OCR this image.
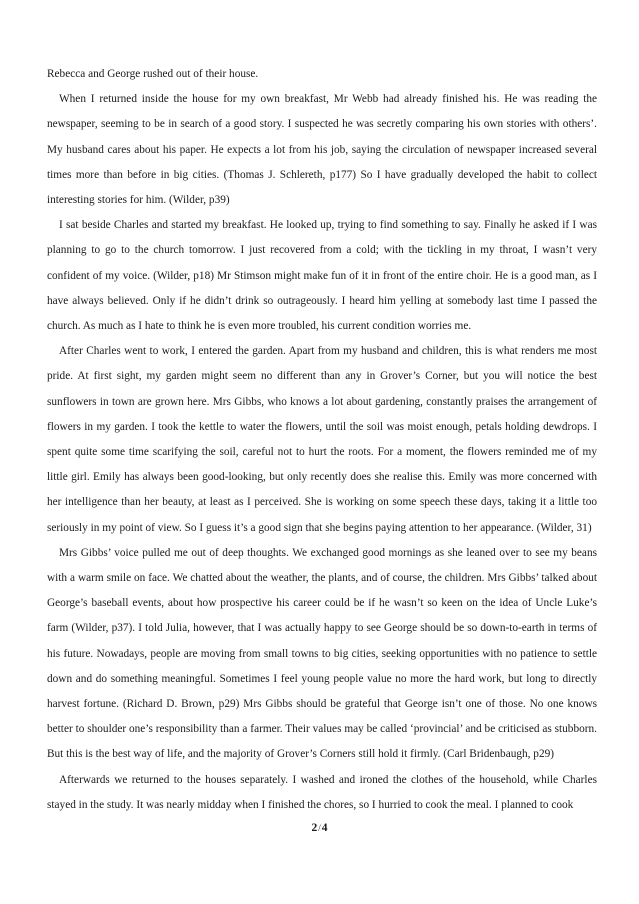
Rebecca and George rushed out of their house.

When I returned inside the house for my own breakfast, Mr Webb had already finished his. He was reading the newspaper, seeming to be in search of a good story. I suspected he was secretly comparing his own stories with others’. My husband cares about his paper. He expects a lot from his job, saying the circulation of newspaper increased several times more than before in big cities. (Thomas J. Schlereth, p177) So I have gradually developed the habit to collect interesting stories for him. (Wilder, p39)

I sat beside Charles and started my breakfast. He looked up, trying to find something to say. Finally he asked if I was planning to go to the church tomorrow. I just recovered from a cold; with the tickling in my throat, I wasn’t very confident of my voice. (Wilder, p18) Mr Stimson might make fun of it in front of the entire choir. He is a good man, as I have always believed. Only if he didn’t drink so outrageously. I heard him yelling at somebody last time I passed the church. As much as I hate to think he is even more troubled, his current condition worries me.

After Charles went to work, I entered the garden. Apart from my husband and children, this is what renders me most pride. At first sight, my garden might seem no different than any in Grover’s Corner, but you will notice the best sunflowers in town are grown here. Mrs Gibbs, who knows a lot about gardening, constantly praises the arrangement of flowers in my garden. I took the kettle to water the flowers, until the soil was moist enough, petals holding dewdrops. I spent quite some time scarifying the soil, careful not to hurt the roots. For a moment, the flowers reminded me of my little girl. Emily has always been good-looking, but only recently does she realise this. Emily was more concerned with her intelligence than her beauty, at least as I perceived. She is working on some speech these days, taking it a little too seriously in my point of view. So I guess it’s a good sign that she begins paying attention to her appearance. (Wilder, 31)

Mrs Gibbs’ voice pulled me out of deep thoughts. We exchanged good mornings as she leaned over to see my beans with a warm smile on face. We chatted about the weather, the plants, and of course, the children. Mrs Gibbs’ talked about George’s baseball events, about how prospective his career could be if he wasn’t so keen on the idea of Uncle Luke’s farm (Wilder, p37). I told Julia, however, that I was actually happy to see George should be so down-to-earth in terms of his future. Nowadays, people are moving from small towns to big cities, seeking opportunities with no patience to settle down and do something meaningful. Sometimes I feel young people value no more the hard work, but long to directly harvest fortune. (Richard D. Brown, p29) Mrs Gibbs should be grateful that George isn’t one of those. No one knows better to shoulder one’s responsibility than a farmer. Their values may be called ‘provincial’ and be criticised as stubborn. But this is the best way of life, and the majority of Grover’s Corners still hold it firmly. (Carl Bridenbaugh, p29)

Afterwards we returned to the houses separately. I washed and ironed the clothes of the household, while Charles stayed in the study. It was nearly midday when I finished the chores, so I hurried to cook the meal. I planned to cook

2/4
